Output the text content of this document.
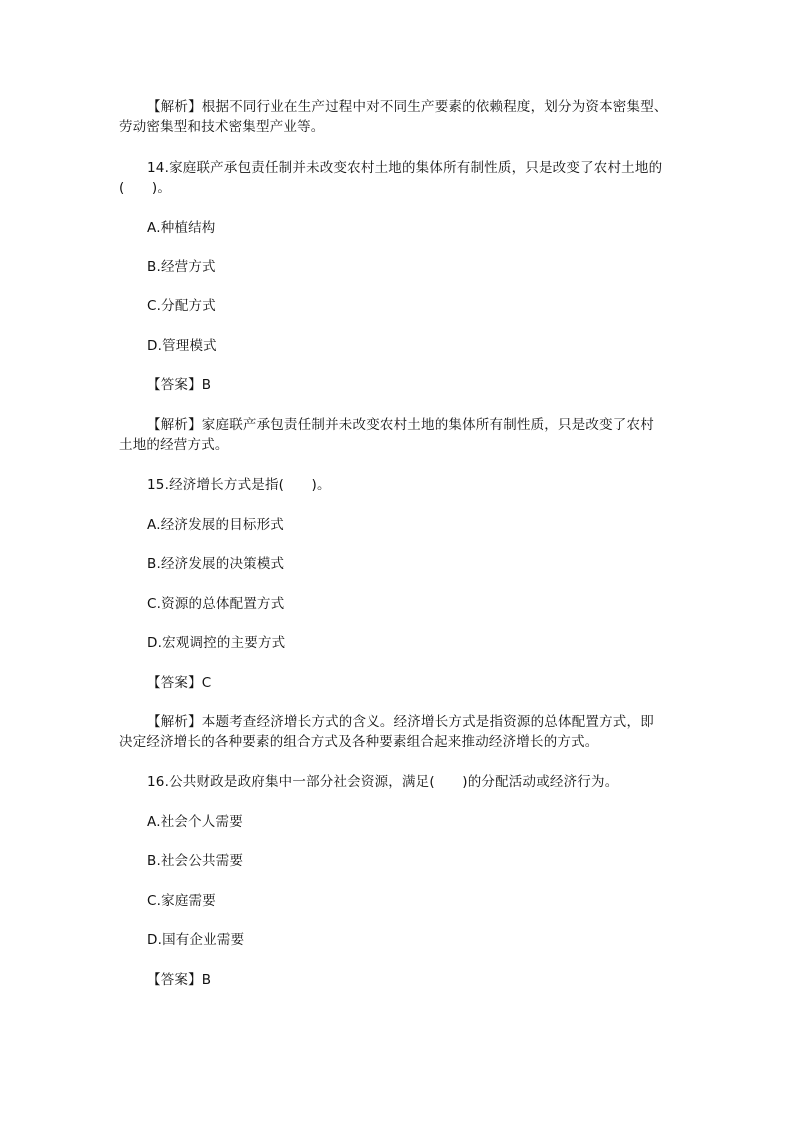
【解析】根据不同行业在生产过程中对不同生产要素的依赖程度，划分为资本密集型、
劳动密集型和技术密集型产业等。
14.家庭联产承包责任制并未改变农村土地的集体所有制性质，只是改变了农村土地的
(　　)。
A.种植结构
B.经营方式
C.分配方式
D.管理模式
【答案】B
【解析】家庭联产承包责任制并未改变农村土地的集体所有制性质，只是改变了农村
土地的经营方式。
15.经济增长方式是指(　　)。
A.经济发展的目标形式
B.经济发展的决策模式
C.资源的总体配置方式
D.宏观调控的主要方式
【答案】C
【解析】本题考查经济增长方式的含义。经济增长方式是指资源的总体配置方式，即
决定经济增长的各种要素的组合方式及各种要素组合起来推动经济增长的方式。
16.公共财政是政府集中一部分社会资源，满足(　　)的分配活动或经济行为。
A.社会个人需要
B.社会公共需要
C.家庭需要
D.国有企业需要
【答案】B
